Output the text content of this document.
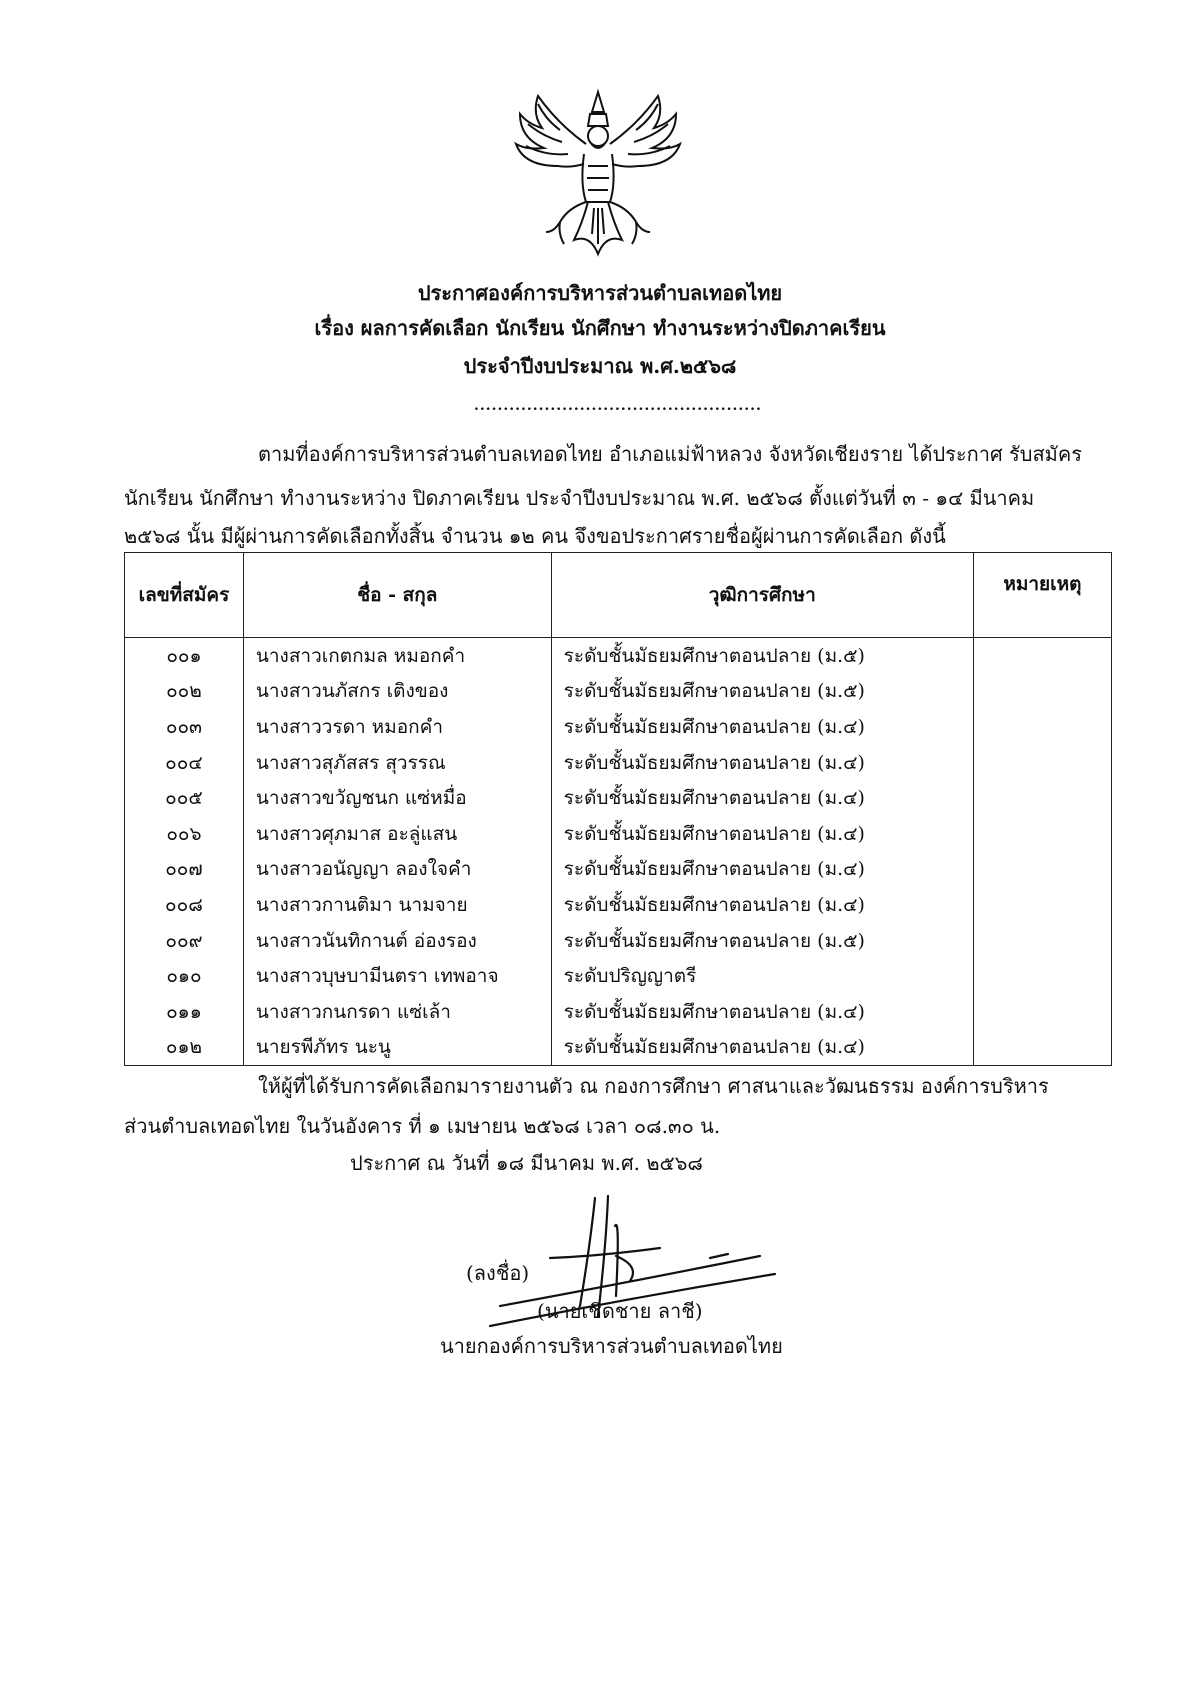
ประกาศองค์การบริหารส่วนตำบลเทอดไทย
เรื่อง ผลการคัดเลือก นักเรียน นักศึกษา ทำงานระหว่างปิดภาคเรียน
ประจำปีงบประมาณ พ.ศ.๒๕๖๘
.................................................
ตามที่องค์การบริหารส่วนตำบลเทอดไทย อำเภอแม่ฟ้าหลวง จังหวัดเชียงราย ได้ประกาศ รับสมัคร
นักเรียน นักศึกษา ทำงานระหว่าง ปิดภาคเรียน ประจำปีงบประมาณ พ.ศ. ๒๕๖๘ ตั้งแต่วันที่ ๓ - ๑๔ มีนาคม
๒๕๖๘ นั้น มีผู้ผ่านการคัดเลือกทั้งสิ้น จำนวน ๑๒ คน จึงขอประกาศรายชื่อผู้ผ่านการคัดเลือก ดังนี้
เลขที่สมัคร	ชื่อ - สกุล	วุฒิการศึกษา	หมายเหตุ
๐๐๑	นางสาวเกตกมล หมอกคำ	ระดับชั้นมัธยมศึกษาตอนปลาย (ม.๕)	
๐๐๒	นางสาวนภัสกร เติงของ	ระดับชั้นมัธยมศึกษาตอนปลาย (ม.๕)	
๐๐๓	นางสาววรดา หมอกคำ	ระดับชั้นมัธยมศึกษาตอนปลาย (ม.๔)	
๐๐๔	นางสาวสุภัสสร สุวรรณ	ระดับชั้นมัธยมศึกษาตอนปลาย (ม.๔)	
๐๐๕	นางสาวขวัญชนก แซ่หมื่อ	ระดับชั้นมัธยมศึกษาตอนปลาย (ม.๔)	
๐๐๖	นางสาวศุภมาส อะลู่แสน	ระดับชั้นมัธยมศึกษาตอนปลาย (ม.๔)	
๐๐๗	นางสาวอนัญญา ลองใจคำ	ระดับชั้นมัธยมศึกษาตอนปลาย (ม.๔)	
๐๐๘	นางสาวกานติมา นามจาย	ระดับชั้นมัธยมศึกษาตอนปลาย (ม.๔)	
๐๐๙	นางสาวนันทิกานต์ อ่องรอง	ระดับชั้นมัธยมศึกษาตอนปลาย (ม.๕)	
๐๑๐	นางสาวบุษบามีนตรา เทพอาจ	ระดับปริญญาตรี	
๐๑๑	นางสาวกนกรดา แซ่เล้า	ระดับชั้นมัธยมศึกษาตอนปลาย (ม.๔)	
๐๑๒	นายรพีภัทร นะนู	ระดับชั้นมัธยมศึกษาตอนปลาย (ม.๔)	
ให้ผู้ที่ได้รับการคัดเลือกมารายงานตัว ณ กองการศึกษา ศาสนาและวัฒนธรรม องค์การบริหาร
ส่วนตำบลเทอดไทย ในวันอังคาร ที่ ๑ เมษายน ๒๕๖๘ เวลา ๐๘.๓๐ น.
ประกาศ ณ วันที่ ๑๘ มีนาคม พ.ศ. ๒๕๖๘
(ลงชื่อ)
(นายเชิดชาย ลาชี)
นายกองค์การบริหารส่วนตำบลเทอดไทย
